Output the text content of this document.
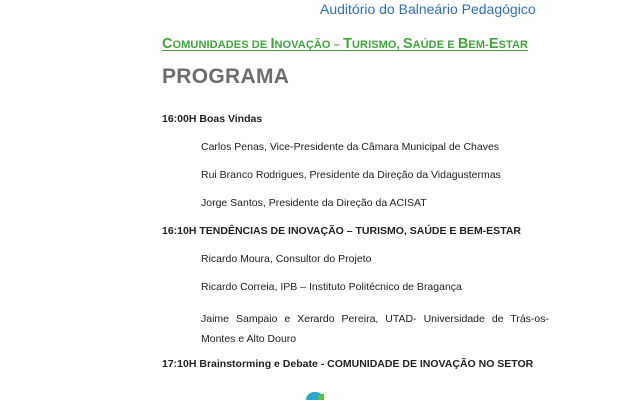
Auditório do Balneário Pedagógico
COMUNIDADES DE INOVAÇÃO – TURISMO, SAÚDE E BEM-ESTAR
PROGRAMA
16:00H Boas Vindas
Carlos Penas, Vice-Presidente da Câmara Municipal de Chaves
Rui Branco Rodrigues, Presidente da Direção da Vidagustermas
Jorge Santos, Presidente da Direção da ACISAT
16:10H TENDÊNCIAS DE INOVAÇÃO – TURISMO, SAÚDE E BEM-ESTAR
Ricardo Moura, Consultor do Projeto
Ricardo Correia, IPB – Instituto Politécnico de Bragança
Jaime Sampaio e Xerardo Pereira, UTAD- Universidade de Trás-os-Montes e Alto Douro
17:10H Brainstorming e Debate - COMUNIDADE DE INOVAÇÃO NO SETOR
